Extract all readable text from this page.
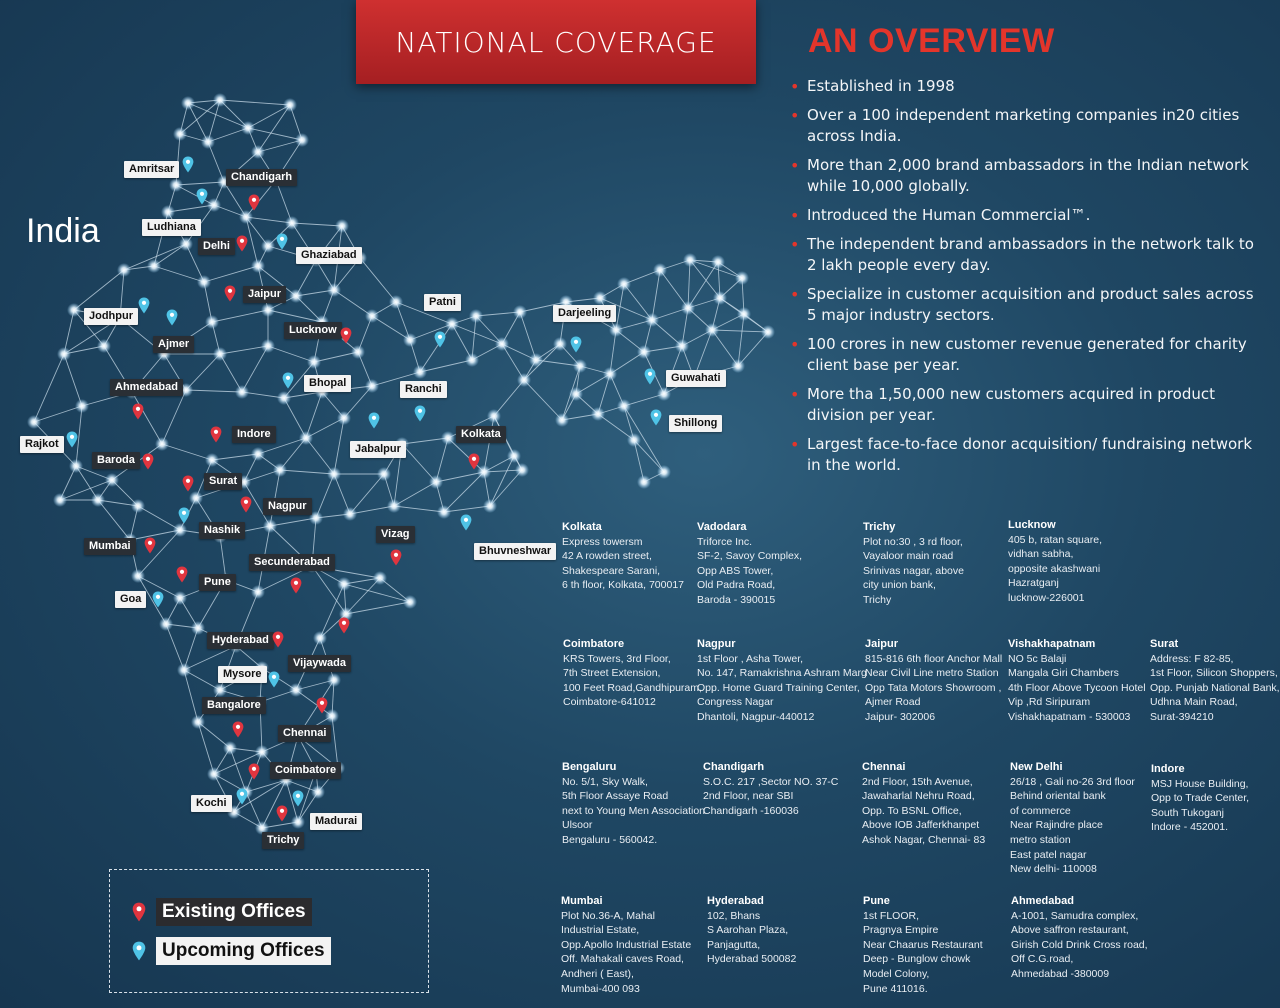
NATIONAL COVERAGE	AN OVERVIEW
• Established in 1998
• Over a 100 independent marketing companies in20 cities across India.
• More than 2,000 brand ambassadors in the Indian network while 10,000 globally.
• Introduced the Human Commercial™.
• The independent brand ambassadors in the network talk to 2 lakh people every day.
• Specialize in customer acquisition and product sales across 5 major industry sectors.
• 100 crores in new customer revenue generated for charity client base per year.
• More tha 1,50,000 new customers acquired in product division per year.
• Largest face-to-face donor acquisition/ fundraising network in the world.
India
Amritsar
Chandigarh
Ludhiana
Delhi
Ghaziabad
Jaipur
Jodhpur
Ajmer
Lucknow
Patni
Darjeeling
Ahmedabad	Bhopal	Ranchi
Guwahati
Shillong
Rajkot
Indore
Jabalpur
Kolkata
Baroda
Surat
Nagpur
Nashik	Vizag
Bhuvneshwar
Mumbai
Secunderabad
Pune
Goa
Hyderabad
Vijaywada
Mysore
Bangalore
Chennai
Coimbatore
Kochi
Madurai
Trichy
Kolkata
Express towersm
42 A rowden street,
Shakespeare Sarani,
6 th floor, Kolkata, 700017
Vadodara
Triforce Inc.
SF-2, Savoy Complex,
Opp ABS Tower,
Old Padra Road,
Baroda - 390015
Trichy
Plot no:30 , 3 rd floor,
Vayaloor main road
Srinivas nagar, above
city union bank,
Trichy
Lucknow
405 b, ratan square,
vidhan sabha,
opposite akashwani
Hazratganj
lucknow-226001
Coimbatore
KRS Towers, 3rd Floor,
7th Street Extension,
100 Feet Road,Gandhipuram,
Coimbatore-641012
Nagpur
1st Floor , Asha Tower,
No. 147, Ramakrishna Ashram Marg
Opp. Home Guard Training Center,
Congress Nagar
Dhantoli, Nagpur-440012
Jaipur
815-816 6th floor Anchor Mall
Near Civil Line metro Station
Opp Tata Motors Showroom ,
Ajmer Road
Jaipur- 302006
Vishakhapatnam
NO 5c Balaji
Mangala Giri Chambers
4th Floor Above Tycoon Hotel
Vip ,Rd Siripuram
Vishakhapatnam - 530003
Surat
Address: F 82-85,
1st Floor, Silicon Shoppers,
Opp. Punjab National Bank,
Udhna Main Road,
Surat-394210
Bengaluru
No. 5/1, Sky Walk,
5th Floor Assaye Road
next to Young Men Association
Ulsoor
Bengaluru - 560042.
Chandigarh
S.O.C. 217 ,Sector NO. 37-C
2nd Floor, near SBI
Chandigarh -160036
Chennai
2nd Floor, 15th Avenue,
Jawaharlal Nehru Road,
Opp. To BSNL Office,
Above IOB Jafferkhanpet
Ashok Nagar, Chennai- 83
New Delhi
26/18 , Gali no-26 3rd floor
Behind oriental bank
of commerce
Near Rajindre place
metro station
East patel nagar
New delhi- 110008
Indore
MSJ House Building,
Opp to Trade Center,
South Tukoganj
Indore - 452001.
Mumbai
Plot No.36-A, Mahal
Industrial Estate,
Opp.Apollo Industrial Estate
Off. Mahakali caves Road,
Andheri ( East),
Mumbai-400 093
Hyderabad
102, Bhans
S Aarohan Plaza,
Panjagutta,
Hyderabad 500082
Pune
1st FLOOR,
Pragnya Empire
Near Chaarus Restaurant
Deep - Bunglow chowk
Model Colony,
Pune 411016.
Ahmedabad
A-1001, Samudra complex,
Above saffron restaurant,
Girish Cold Drink Cross road,
Off C.G.road,
Ahmedabad -380009
Existing Offices
Upcoming Offices
